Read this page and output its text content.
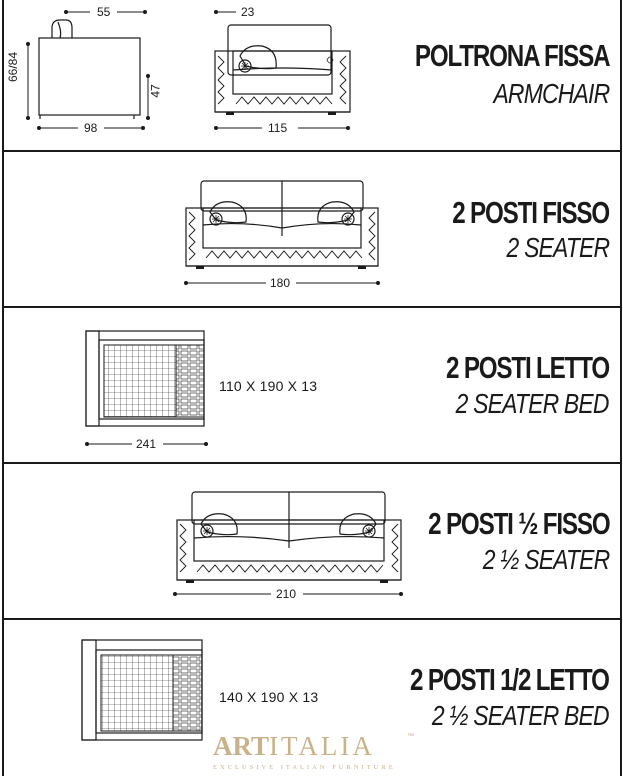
55
66/84
98
47
23
115
POLTRONA FISSA
ARMCHAIR
180
2 POSTI FISSO
2 SEATER
241
110 X 190 X 13
2 POSTI LETTO
2 SEATER BED
210
2 POSTI ½ FISSO
2 ½ SEATER
140 X 190 X 13	2 POSTI 1/2 LETTO
2 ½ SEATER BED
ARTITALIA	™
EXCLUSIVE ITALIAN FURNITURE
